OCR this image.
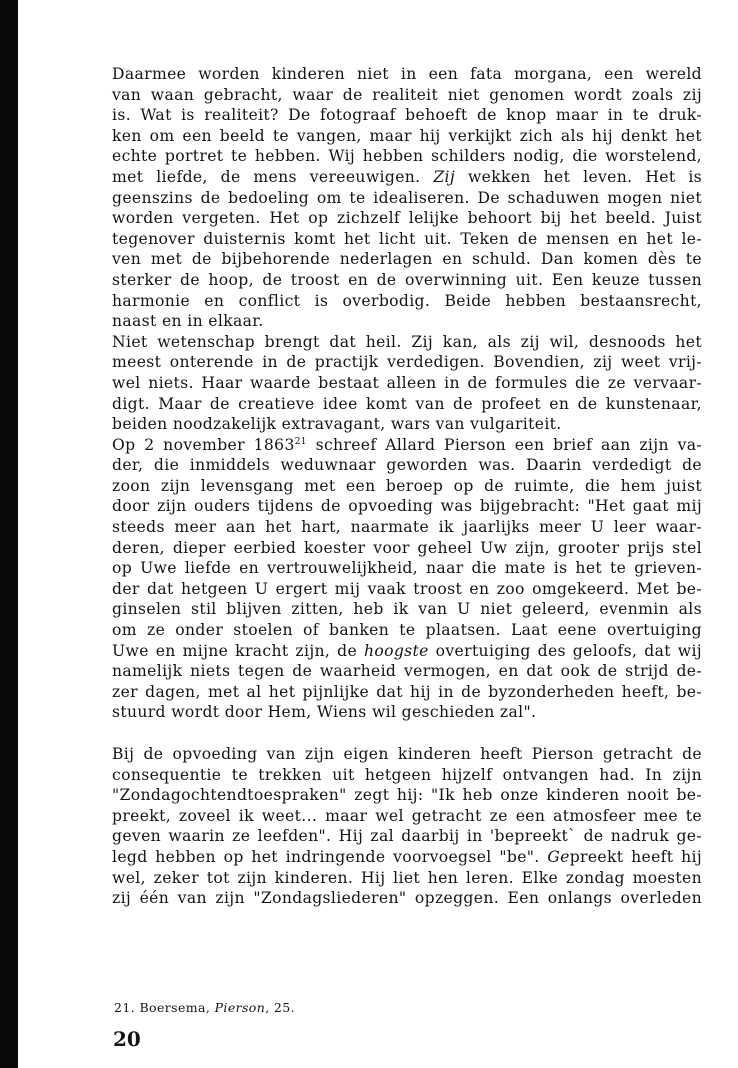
Daarmee worden kinderen niet in een fata morgana, een wereld
van waan gebracht, waar de realiteit niet genomen wordt zoals zij
is. Wat is realiteit? De fotograaf behoeft de knop maar in te druk-
ken om een beeld te vangen, maar hij verkijkt zich als hij denkt het
echte portret te hebben. Wij hebben schilders nodig, die worstelend,
met liefde, de mens vereeuwigen. Zij wekken het leven. Het is
geenszins de bedoeling om te idealiseren. De schaduwen mogen niet
worden vergeten. Het op zichzelf lelijke behoort bij het beeld. Juist
tegenover duisternis komt het licht uit. Teken de mensen en het le-
ven met de bijbehorende nederlagen en schuld. Dan komen dès te
sterker de hoop, de troost en de overwinning uit. Een keuze tussen
harmonie en conflict is overbodig. Beide hebben bestaansrecht,
naast en in elkaar.
Niet wetenschap brengt dat heil. Zij kan, als zij wil, desnoods het
meest onterende in de practijk verdedigen. Bovendien, zij weet vrij-
wel niets. Haar waarde bestaat alleen in de formules die ze vervaar-
digt. Maar de creatieve idee komt van de profeet en de kunstenaar,
beiden noodzakelijk extravagant, wars van vulgariteit.
Op 2 november 1863$^{21}$ schreef Allard Pierson een brief aan zijn va-
der, die inmiddels weduwnaar geworden was. Daarin verdedigt de
zoon zijn levensgang met een beroep op de ruimte, die hem juist
door zijn ouders tijdens de opvoeding was bijgebracht: "Het gaat mij
steeds meer aan het hart, naarmate ik jaarlijks meer U leer waar-
deren, dieper eerbied koester voor geheel Uw zijn, grooter prijs stel
op Uwe liefde en vertrouwelijkheid, naar die mate is het te grieven-
der dat hetgeen U ergert mij vaak troost en zoo omgekeerd. Met be-
ginselen stil blijven zitten, heb ik van U niet geleerd, evenmin als
om ze onder stoelen of banken te plaatsen. Laat eene overtuiging
Uwe en mijne kracht zijn, de hoogste overtuiging des geloofs, dat wij
namelijk niets tegen de waarheid vermogen, en dat ook de strijd de-
zer dagen, met al het pijnlijke dat hij in de byzonderheden heeft, be-
stuurd wordt door Hem, Wiens wil geschieden zal".
Bij de opvoeding van zijn eigen kinderen heeft Pierson getracht de
consequentie te trekken uit hetgeen hijzelf ontvangen had. In zijn
"Zondagochtendtoespraken" zegt hij: "Ik heb onze kinderen nooit be-
preekt, zoveel ik weet... maar wel getracht ze een atmosfeer mee te
geven waarin ze leefden". Hij zal daarbij in 'bepreekt` de nadruk ge-
legd hebben op het indringende voorvoegsel "be". Gepreekt heeft hij
wel, zeker tot zijn kinderen. Hij liet hen leren. Elke zondag moesten
zij één van zijn "Zondagsliederen" opzeggen. Een onlangs overleden
21. Boersema, Pierson, 25.
20
